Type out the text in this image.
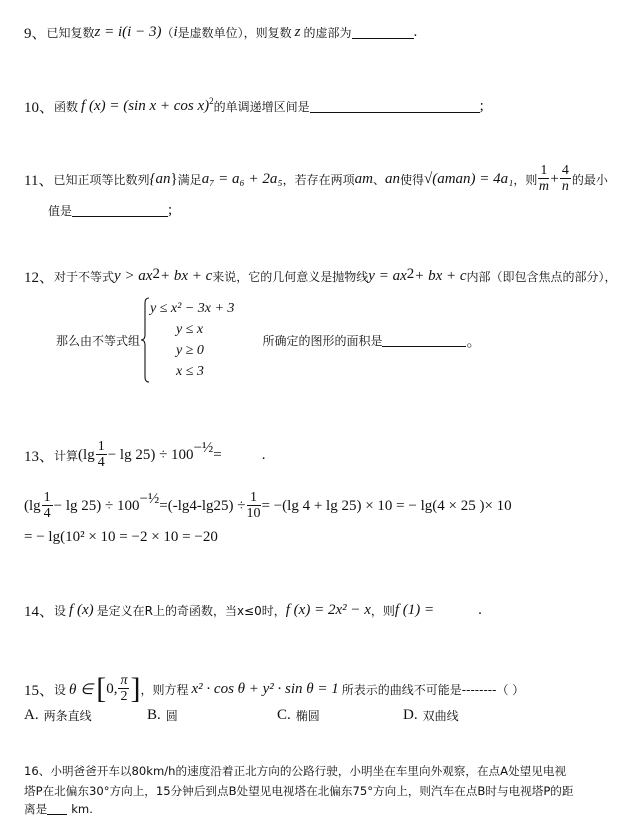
9、 已知复数 z = i(i − 3) （ i 是虚数单位），则复数 z 的虚部为	.
10、 函数 f (x) = (sin x + cos x)$^2$ 的单调递增区间是	;
11、 已知正项等比数列 {a n } 满足 a₇ = a₆ + 2a₅ ，若存在两项 a m 、 a n 使得 √(a m a n ) = 4a₁ ，则 $\frac{1}{m} + \frac{4}{n}$ 的最小
值是	;
12、 对于不等式 y > ax 2 + bx + c 来说，它的几何意义是抛物线 y = ax 2 + bx + c 内部（即包含焦点的部分），
那么由不等式组
y ≤ x² − 3x + 3
y ≤ x
y ≥ 0
x ≤ 3
所确定的图形的面积是	。
13、 计算 $(\lg \frac{1}{4} - \lg 25) \div 100$ −½ =	.
$(\lg \frac{1}{4} - \lg 25) \div 100$ −½ $=(-\lg 4-\lg 25) \div \frac{1}{10} = -(\lg$ 4 + lg 25) × 10 = − lg(4 × 25 )× 10
= − lg(10² × 10 = −2 × 10 = −20
14、 设 f (x) 是定义在R上的奇函数，当x≤0时， f (x) = 2x² − x ，则 f (1) =	.
15、 设 θ ∈ [ 0, $\frac{\pi}{2}$ ] ，则方程 x² · cos θ + y² · sin θ = 1 所表示的曲线不可能是--------（ ）
A. 两条直线	B. 圆	C. 椭圆	D. 双曲线
16、小明爸爸开车以80km/h的速度沿着正北方向的公路行驶，小明坐在车里向外观察，在点A处望见电视
塔P在北偏东30°方向上，15分钟后到点B处望见电视塔在北偏东75°方向上，则汽车在点B时与电视塔P的距
离是 km.
